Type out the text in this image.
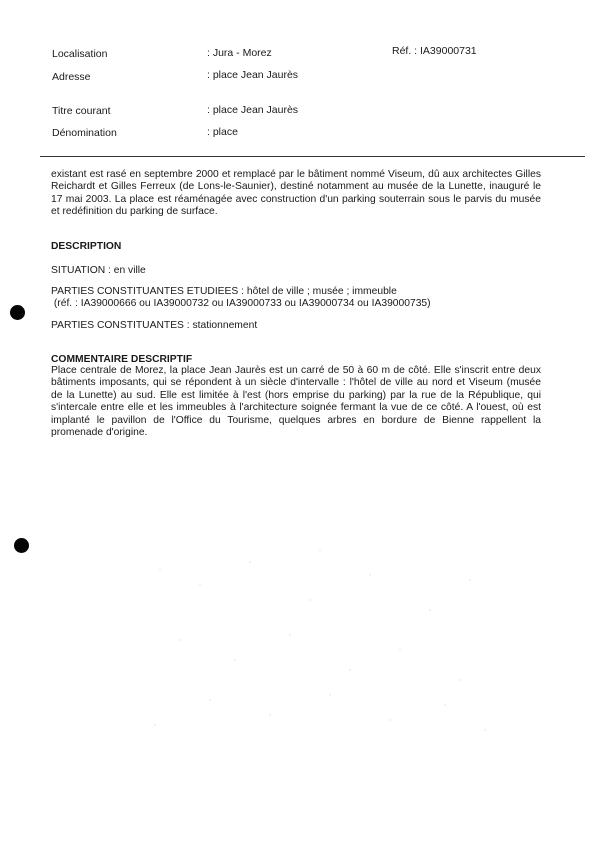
Localisation	: Jura - Morez	Réf. : IA39000731
Adresse	: place Jean Jaurès
Titre courant	: place Jean Jaurès
Dénomination	: place
existant est rasé en septembre 2000 et remplacé par le bâtiment nommé Viseum, dû aux architectes Gilles
Reichardt et Gilles Ferreux (de Lons-le-Saunier), destiné notamment au musée de la Lunette, inauguré le
17 mai 2003. La place est réaménagée avec construction d'un parking souterrain sous le parvis du musée
et redéfinition du parking de surface.
DESCRIPTION
SITUATION : en ville
PARTIES CONSTITUANTES ETUDIEES : hôtel de ville ; musée ; immeuble
(réf. : IA39000666 ou IA39000732 ou IA39000733 ou IA39000734 ou IA39000735)
PARTIES CONSTITUANTES : stationnement
COMMENTAIRE DESCRIPTIF
Place centrale de Morez, la place Jean Jaurès est un carré de 50 à 60 m de côté. Elle s'inscrit entre deux
bâtiments imposants, qui se répondent à un siècle d'intervalle : l'hôtel de ville au nord et Viseum (musée
de la Lunette) au sud. Elle est limitée à l'est (hors emprise du parking) par la rue de la République, qui
s'intercale entre elle et les immeubles à l'architecture soignée fermant la vue de ce côté. A l'ouest, où est
implanté le pavillon de l'Office du Tourisme, quelques arbres en bordure de Bienne rappellent la
promenade d'origine.
